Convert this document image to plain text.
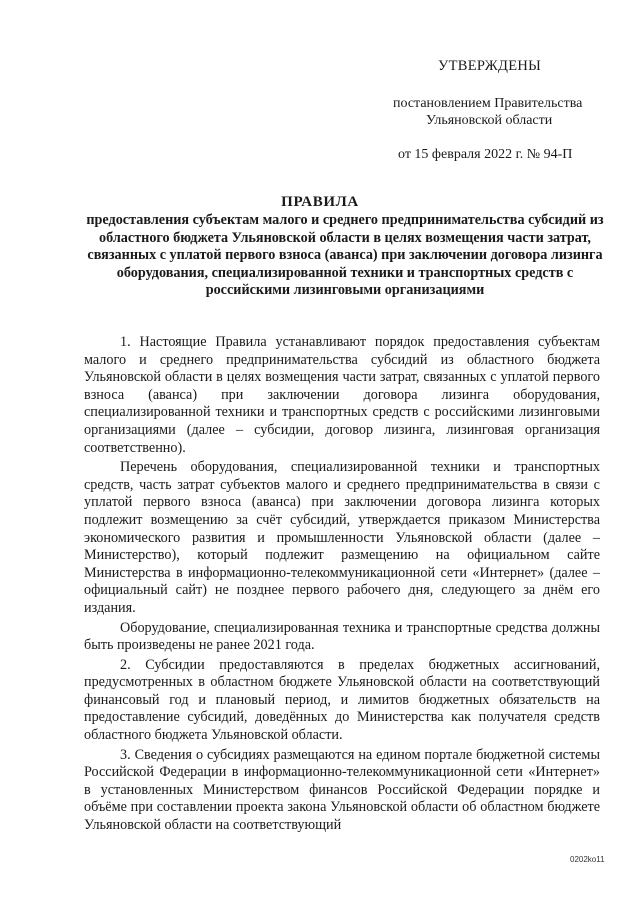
УТВЕРЖДЕНЫ
постановлением Правительства
Ульяновской области
от 15 февраля 2022 г. № 94-П
ПРАВИЛА
предоставления субъектам малого и среднего предпринимательства субсидий из областного бюджета Ульяновской области в целях возмещения части затрат, связанных с уплатой первого взноса (аванса) при заключении договора лизинга оборудования, специализированной техники и транспортных средств с российскими лизинговыми организациями

1. Настоящие Правила устанавливают порядок предоставления субъектам малого и среднего предпринимательства субсидий из областного бюджета Ульяновской области в целях возмещения части затрат, связанных с уплатой первого взноса (аванса) при заключении договора лизинга оборудования, специализированной техники и транспортных средств с российскими лизинговыми организациями (далее – субсидии, договор лизинга, лизинговая организация соответственно).

Перечень оборудования, специализированной техники и транспортных средств, часть затрат субъектов малого и среднего предпринимательства в связи с уплатой первого взноса (аванса) при заключении договора лизинга которых подлежит возмещению за счёт субсидий, утверждается приказом Министерства экономического развития и промышленности Ульяновской области (далее – Министерство), который подлежит размещению на официальном сайте Министерства в информационно-телекоммуникационной сети «Интернет» (далее – официальный сайт) не позднее первого рабочего дня, следующего за днём его издания.

Оборудование, специализированная техника и транспортные средства должны быть произведены не ранее 2021 года.

2. Субсидии предоставляются в пределах бюджетных ассигнований, предусмотренных в областном бюджете Ульяновской области на соответствующий финансовый год и плановый период, и лимитов бюджетных обязательств на предоставление субсидий, доведённых до Министерства как получателя средств областного бюджета Ульяновской области.

3. Сведения о субсидиях размещаются на едином портале бюджетной системы Российской Федерации в информационно-телекоммуникационной сети «Интернет» в установленных Министерством финансов Российской Федерации порядке и объёме при составлении проекта закона Ульяновской области об областном бюджете Ульяновской области на соответствующий

0202ko11
